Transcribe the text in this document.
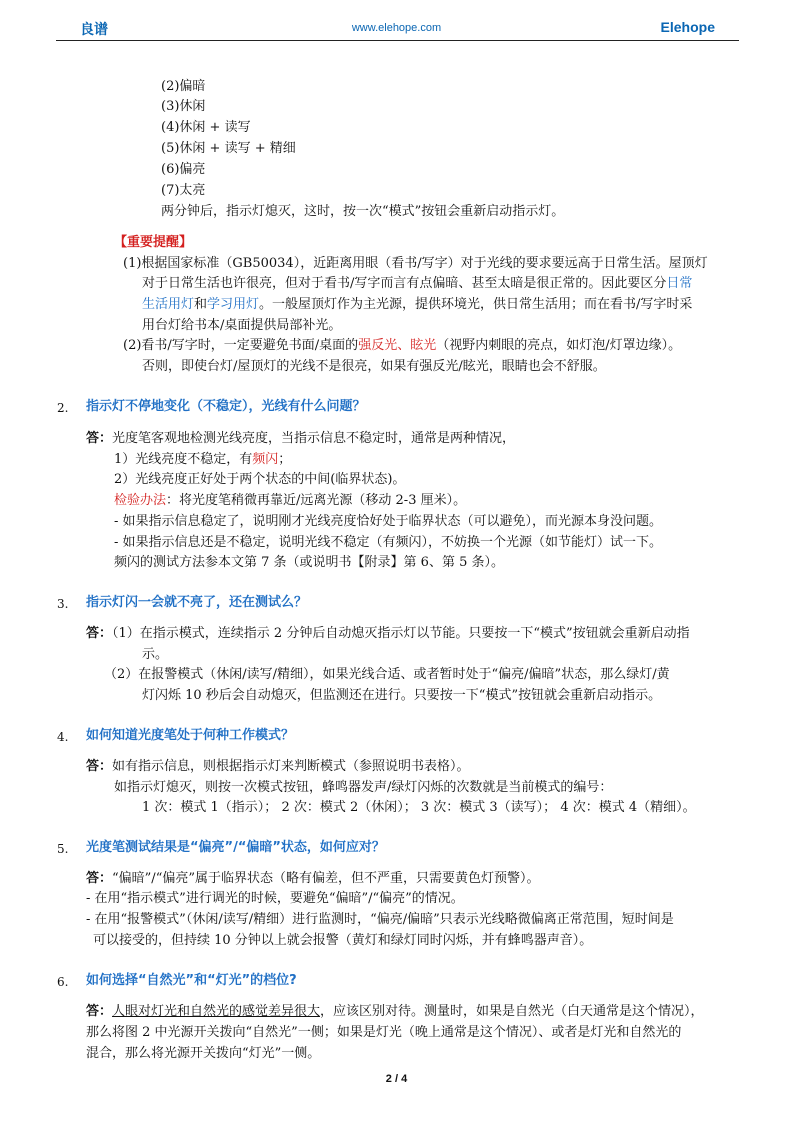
良谱	www.elehope.com	Elehope
(2)偏暗
(3)休闲
(4)休闲 + 读写
(5)休闲 + 读写 + 精细
(6)偏亮
(7)太亮
两分钟后，指示灯熄灭，这时，按一次“模式”按钮会重新启动指示灯。
【重要提醒】
(1)根据国家标准（GB50034），近距离用眼（看书/写字）对于光线的要求要远高于日常生活。屋顶灯
对于日常生活也许很亮，但对于看书/写字而言有点偏暗、甚至太暗是很正常的。因此要区分日常
生活用灯和学习用灯。一般屋顶灯作为主光源，提供环境光，供日常生活用；而在看书/写字时采
用台灯给书本/桌面提供局部补光。
(2)看书/写字时，一定要避免书面/桌面的强反光、眩光（视野内刺眼的亮点，如灯泡/灯罩边缘）。
否则，即使台灯/屋顶灯的光线不是很亮，如果有强反光/眩光，眼睛也会不舒服。
2. 指示灯不停地变化（不稳定），光线有什么问题？
答：光度笔客观地检测光线亮度，当指示信息不稳定时，通常是两种情况，
1）光线亮度不稳定，有频闪；
2）光线亮度正好处于两个状态的中间(临界状态)。
检验办法：将光度笔稍微再靠近/远离光源（移动 2-3 厘米）。
- 如果指示信息稳定了，说明刚才光线亮度恰好处于临界状态（可以避免），而光源本身没问题。
- 如果指示信息还是不稳定，说明光线不稳定（有频闪），不妨换一个光源（如节能灯）试一下。
频闪的测试方法参本文第 7 条（或说明书【附录】第 6、第 5 条）。
3. 指示灯闪一会就不亮了，还在测试么？
答：（1）在指示模式，连续指示 2 分钟后自动熄灭指示灯以节能。只要按一下“模式”按钮就会重新启动指
示。
（2）在报警模式（休闲/读写/精细），如果光线合适、或者暂时处于“偏亮/偏暗”状态，那么绿灯/黄
灯闪烁 10 秒后会自动熄灭，但监测还在进行。只要按一下“模式”按钮就会重新启动指示。
4. 如何知道光度笔处于何种工作模式？
答：如有指示信息，则根据指示灯来判断模式（参照说明书表格）。
如指示灯熄灭，则按一次模式按钮，蜂鸣器发声/绿灯闪烁的次数就是当前模式的编号：
1 次：模式 1（指示）； 2 次：模式 2（休闲）； 3 次：模式 3（读写）； 4 次：模式 4（精细）。
5. 光度笔测试结果是“偏亮”/“偏暗”状态，如何应对？
答：“偏暗”/“偏亮”属于临界状态（略有偏差，但不严重，只需要黄色灯预警）。
- 在用“指示模式”进行调光的时候，要避免“偏暗”/“偏亮”的情况。
- 在用“报警模式”（休闲/读写/精细）进行监测时，“偏亮/偏暗”只表示光线略微偏离正常范围，短时间是
可以接受的，但持续 10 分钟以上就会报警（黄灯和绿灯同时闪烁，并有蜂鸣器声音）。
6. 如何选择“自然光”和“灯光”的档位?
答：人眼对灯光和自然光的感觉差异很大，应该区别对待。测量时，如果是自然光（白天通常是这个情况），
那么将图 2 中光源开关拨向“自然光”一侧；如果是灯光（晚上通常是这个情况）、或者是灯光和自然光的
混合，那么将光源开关拨向“灯光”一侧。
2 / 4
